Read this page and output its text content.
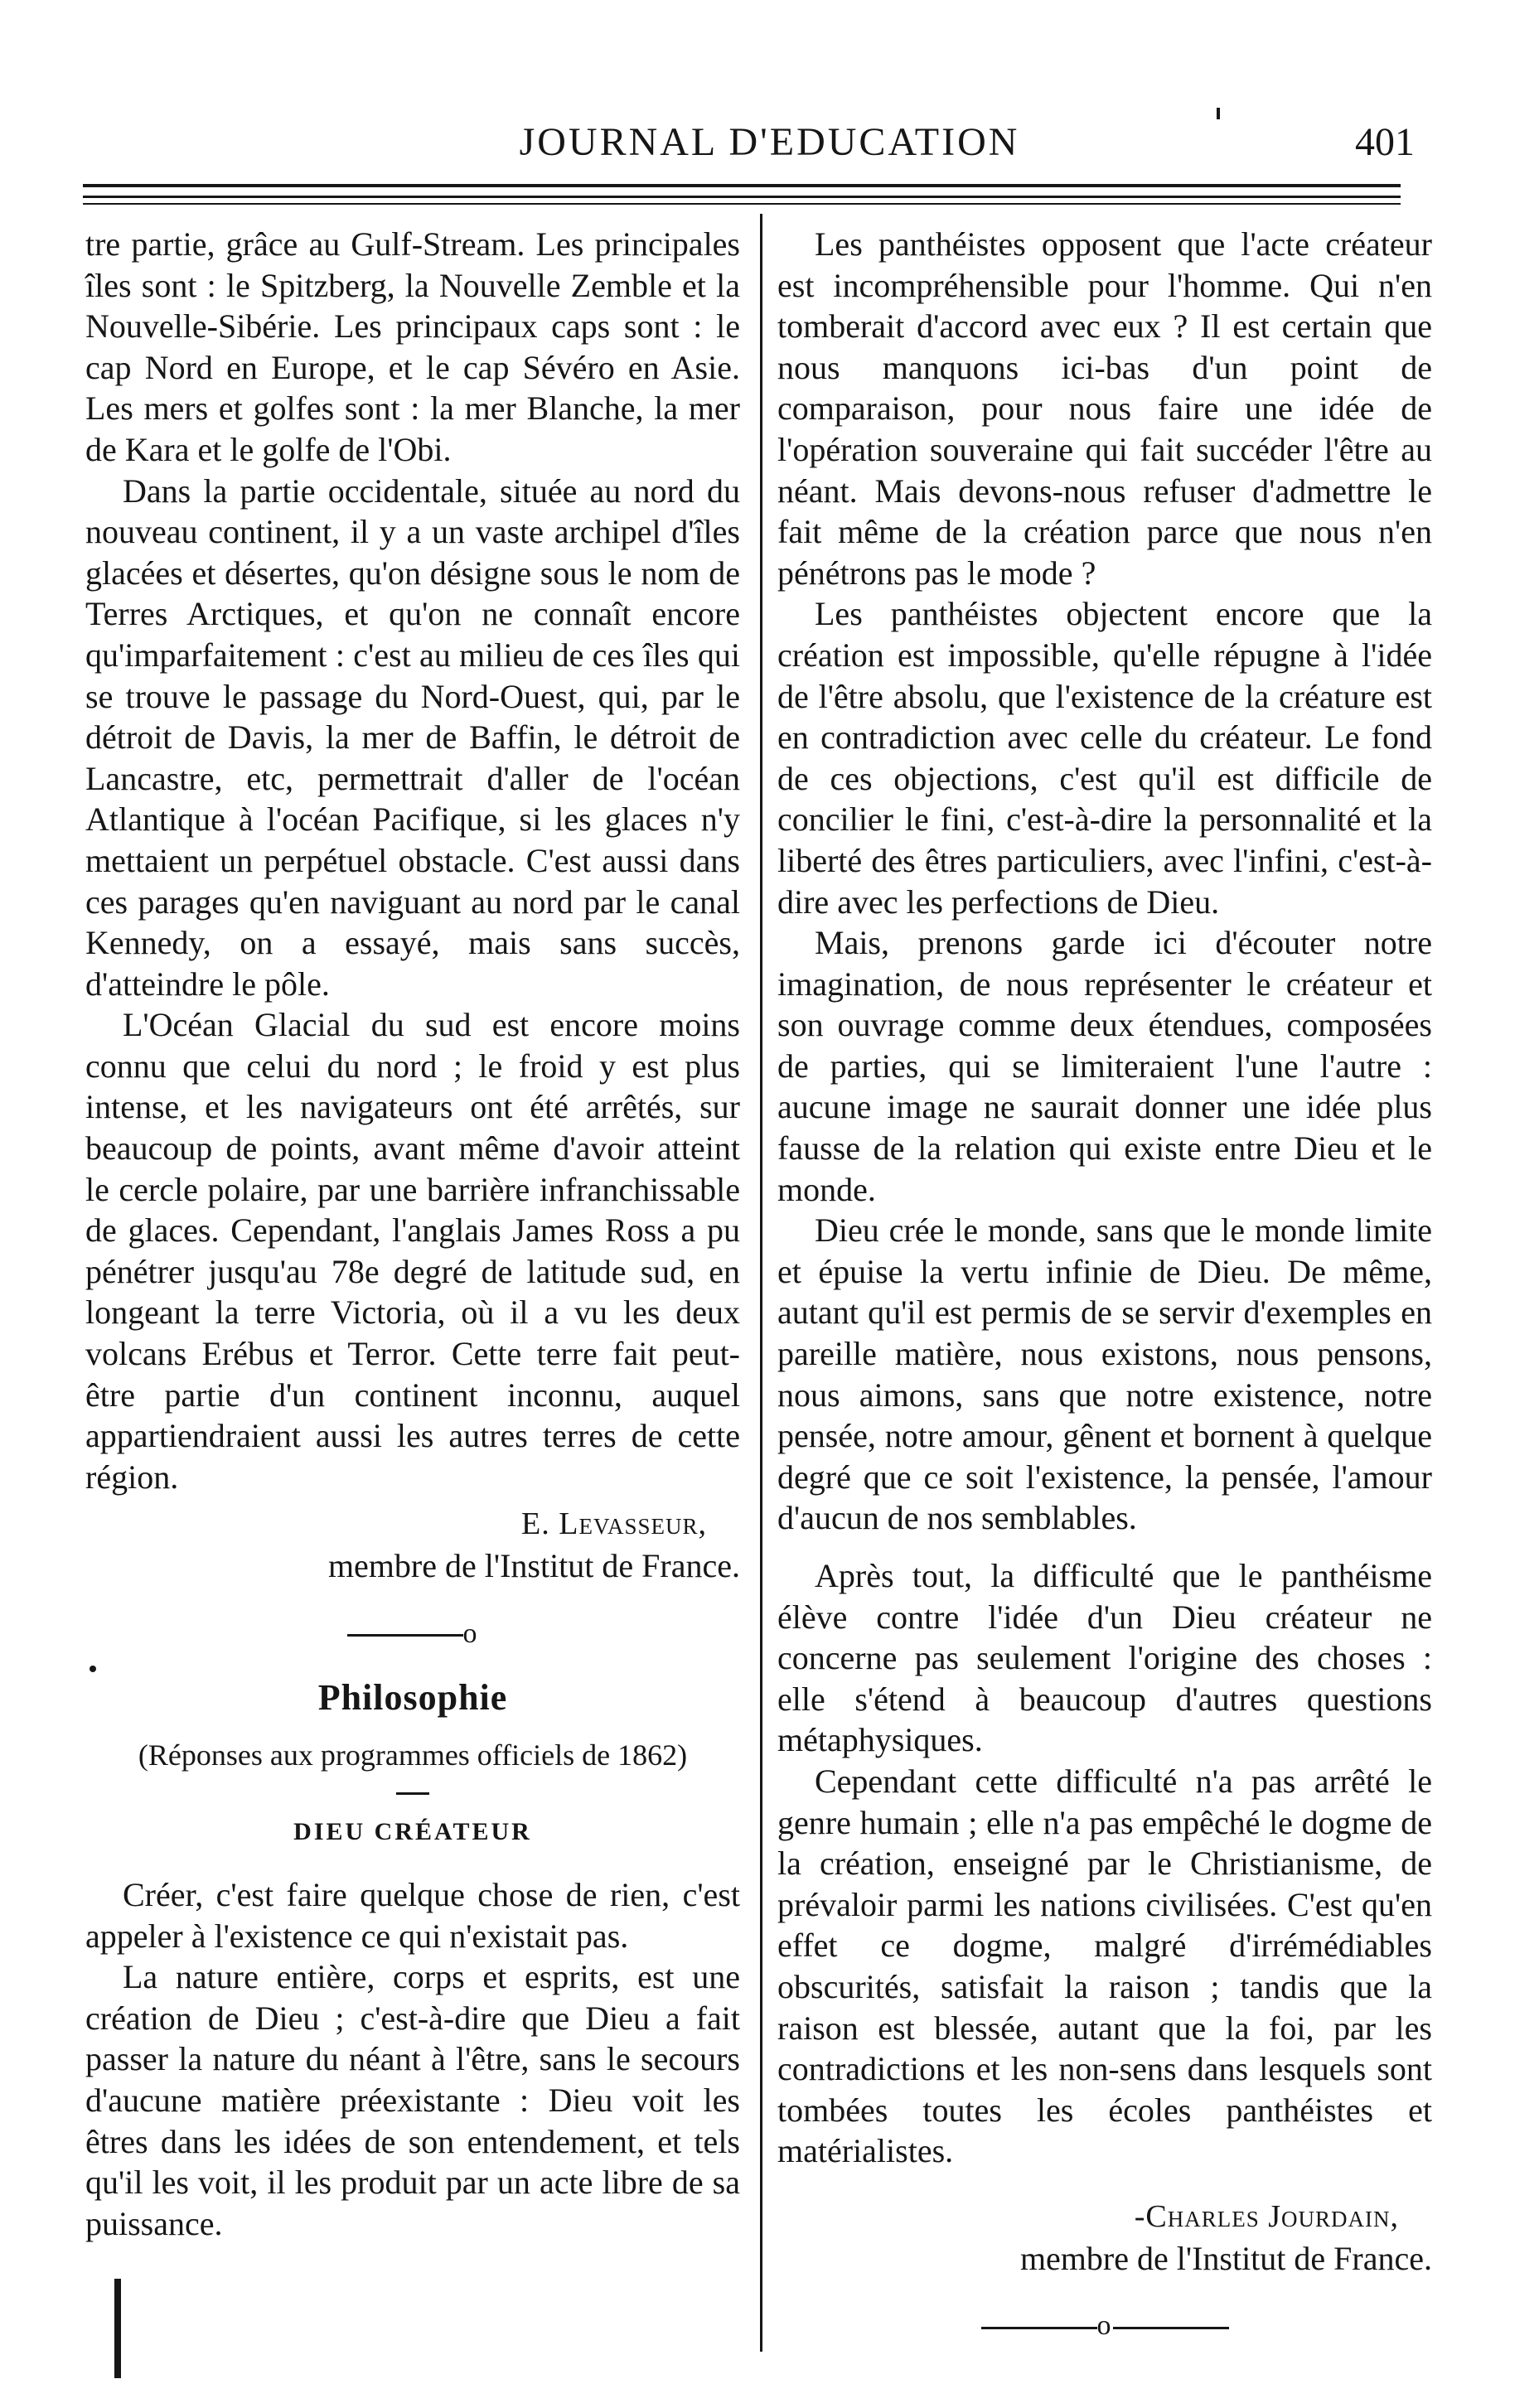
JOURNAL D'EDUCATION	401

tre partie, grâce au Gulf-Stream. Les principales îles sont : le Spitzberg, la Nouvelle Zemble et la Nouvelle-Sibérie. Les principaux caps sont : le cap Nord en Europe, et le cap Sévéro en Asie. Les mers et golfes sont : la mer Blanche, la mer de Kara et le golfe de l'Obi.

Dans la partie occidentale, située au nord du nouveau continent, il y a un vaste archipel d'îles glacées et désertes, qu'on désigne sous le nom de Terres Arctiques, et qu'on ne connaît encore qu'imparfaitement : c'est au milieu de ces îles qui se trouve le passage du Nord-Ouest, qui, par le détroit de Davis, la mer de Baffin, le détroit de Lancastre, etc, permettrait d'aller de l'océan Atlantique à l'océan Pacifique, si les glaces n'y mettaient un perpétuel obstacle. C'est aussi dans ces parages qu'en naviguant au nord par le canal Kennedy, on a essayé, mais sans succès, d'atteindre le pôle.

L'Océan Glacial du sud est encore moins connu que celui du nord ; le froid y est plus intense, et les navigateurs ont été arrêtés, sur beaucoup de points, avant même d'avoir atteint le cercle polaire, par une barrière infranchissable de glaces. Cependant, l'anglais James Ross a pu pénétrer jusqu'au 78e degré de latitude sud, en longeant la terre Victoria, où il a vu les deux volcans Erébus et Terror. Cette terre fait peut-être partie d'un continent inconnu, auquel appartiendraient aussi les autres terres de cette région.

E. Levasseur,
membre de l'Institut de France.
o
Philosophie
(Réponses aux programmes officiels de 1862)
DIEU CRÉATEUR

Créer, c'est faire quelque chose de rien, c'est appeler à l'existence ce qui n'existait pas.

La nature entière, corps et esprits, est une création de Dieu ; c'est-à-dire que Dieu a fait passer la nature du néant à l'être, sans le secours d'aucune matière préexistante : Dieu voit les êtres dans les idées de son entendement, et tels qu'il les voit, il les produit par un acte libre de sa puissance.

Les panthéistes opposent que l'acte créateur est incompréhensible pour l'homme. Qui n'en tomberait d'accord avec eux ? Il est certain que nous manquons ici-bas d'un point de comparaison, pour nous faire une idée de l'opération souveraine qui fait succéder l'être au néant. Mais devons-nous refuser d'admettre le fait même de la création parce que nous n'en pénétrons pas le mode ?

Les panthéistes objectent encore que la création est impossible, qu'elle répugne à l'idée de l'être absolu, que l'existence de la créature est en contradiction avec celle du créateur. Le fond de ces objections, c'est qu'il est difficile de concilier le fini, c'est-à-dire la personnalité et la liberté des êtres particuliers, avec l'infini, c'est-à-dire avec les perfections de Dieu.

Mais, prenons garde ici d'écouter notre imagination, de nous représenter le créateur et son ouvrage comme deux étendues, composées de parties, qui se limiteraient l'une l'autre : aucune image ne saurait donner une idée plus fausse de la relation qui existe entre Dieu et le monde.

Dieu crée le monde, sans que le monde limite et épuise la vertu infinie de Dieu. De même, autant qu'il est permis de se servir d'exemples en pareille matière, nous existons, nous pensons, nous aimons, sans que notre existence, notre pensée, notre amour, gênent et bornent à quelque degré que ce soit l'existence, la pensée, l'amour d'aucun de nos semblables.

Après tout, la difficulté que le panthéisme élève contre l'idée d'un Dieu créateur ne concerne pas seulement l'origine des choses : elle s'étend à beaucoup d'autres questions métaphysiques.

Cependant cette difficulté n'a pas arrêté le genre humain ; elle n'a pas empêché le dogme de la création, enseigné par le Christianisme, de prévaloir parmi les nations civilisées. C'est qu'en effet ce dogme, malgré d'irrémédiables obscurités, satisfait la raison ; tandis que la raison est blessée, autant que la foi, par les contradictions et les non-sens dans lesquels sont tombées toutes les écoles panthéistes et matérialistes.

-Charles Jourdain,
membre de l'Institut de France.
o
